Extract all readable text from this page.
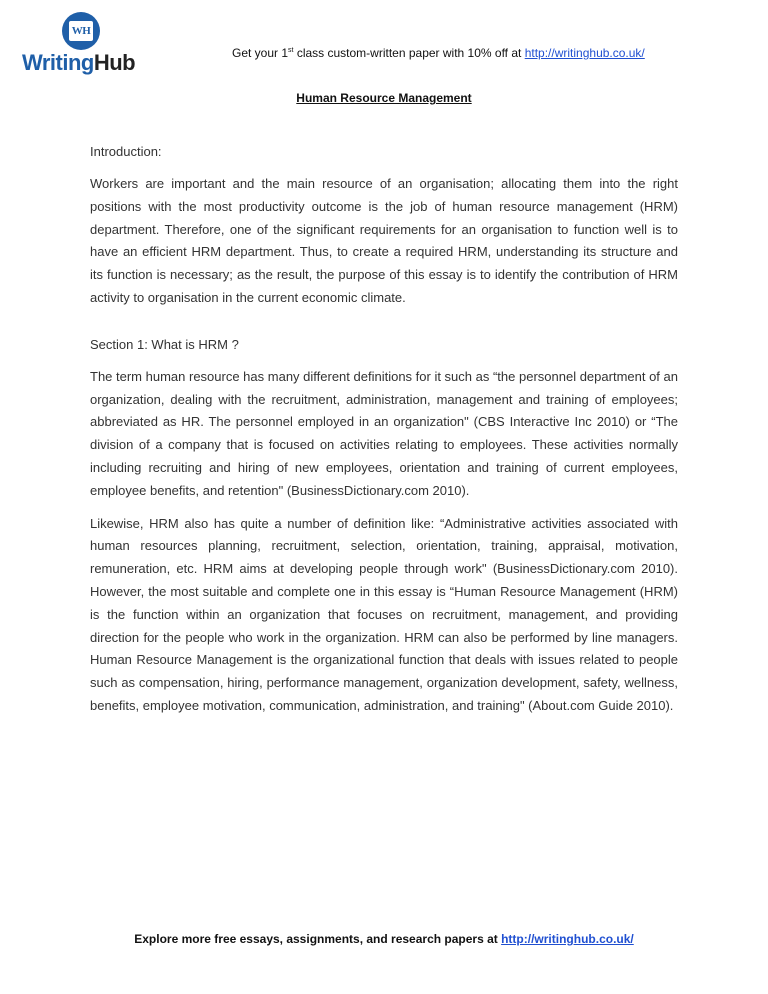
WH
WritingHub	Get your 1st class custom-written paper with 10% off at http://writinghub.co.uk/
Human Resource Management

Introduction:

Workers are important and the main resource of an organisation; allocating them into the right positions with the most productivity outcome is the job of human resource management (HRM) department. Therefore, one of the significant requirements for an organisation to function well is to have an efficient HRM department. Thus, to create a required HRM, understanding its structure and its function is necessary; as the result, the purpose of this essay is to identify the contribution of HRM activity to organisation in the current economic climate.

Section 1: What is HRM ?

The term human resource has many different definitions for it such as “the personnel department of an organization, dealing with the recruitment, administration, management and training of employees; abbreviated as HR. The personnel employed in an organization" (CBS Interactive Inc 2010) or “The division of a company that is focused on activities relating to employees. These activities normally including recruiting and hiring of new employees, orientation and training of current employees, employee benefits, and retention" (BusinessDictionary.com 2010).

Likewise, HRM also has quite a number of definition like: “Administrative activities associated with human resources planning, recruitment, selection, orientation, training, appraisal, motivation, remuneration, etc. HRM aims at developing people through work" (BusinessDictionary.com 2010). However, the most suitable and complete one in this essay is “Human Resource Management (HRM) is the function within an organization that focuses on recruitment, management, and providing direction for the people who work in the organization. HRM can also be performed by line managers. Human Resource Management is the organizational function that deals with issues related to people such as compensation, hiring, performance management, organization development, safety, wellness, benefits, employee motivation, communication, administration, and training" (About.com Guide 2010).

Explore more free essays, assignments, and research papers at http://writinghub.co.uk/
